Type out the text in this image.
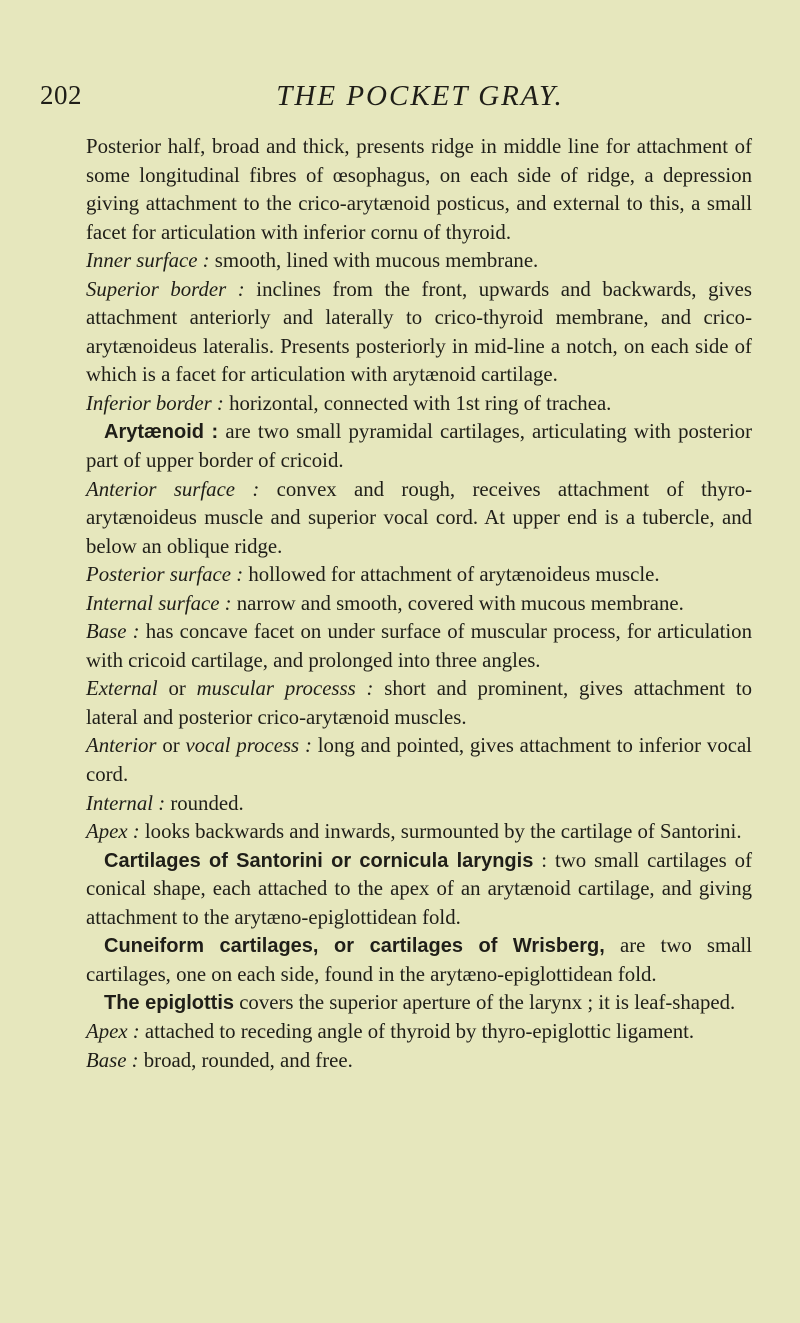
202	THE POCKET GRAY.

Posterior half, broad and thick, presents ridge in middle line for attachment of some longitudinal fibres of œsophagus, on each side of ridge, a depression giving attachment to the crico-arytænoid posticus, and external to this, a small facet for articulation with inferior cornu of thyroid.

Inner surface : smooth, lined with mucous membrane.

Superior border : inclines from the front, upwards and backwards, gives attachment anteriorly and laterally to crico-thyroid membrane, and crico-arytænoideus lateralis. Presents posteriorly in mid-line a notch, on each side of which is a facet for articulation with arytænoid cartilage.

Inferior border : horizontal, connected with 1st ring of trachea.

Arytænoid : are two small pyramidal cartilages, articulating with posterior part of upper border of cricoid.

Anterior surface : convex and rough, receives attachment of thyro-arytænoideus muscle and superior vocal cord. At upper end is a tubercle, and below an oblique ridge.

Posterior surface : hollowed for attachment of arytænoideus muscle.

Internal surface : narrow and smooth, covered with mucous membrane.

Base : has concave facet on under surface of muscular process, for articulation with cricoid cartilage, and prolonged into three angles.

External or muscular processs : short and prominent, gives attachment to lateral and posterior crico-arytænoid muscles.

Anterior or vocal process : long and pointed, gives attachment to inferior vocal cord.

Internal : rounded.

Apex : looks backwards and inwards, surmounted by the cartilage of Santorini.

Cartilages of Santorini or cornicula laryngis : two small cartilages of conical shape, each attached to the apex of an arytænoid cartilage, and giving attachment to the arytæno-epiglottidean fold.

Cuneiform cartilages, or cartilages of Wrisberg, are two small cartilages, one on each side, found in the arytæno-epiglottidean fold.

The epiglottis covers the superior aperture of the larynx ; it is leaf-shaped.

Apex : attached to receding angle of thyroid by thyro-epiglottic ligament.

Base : broad, rounded, and free.
